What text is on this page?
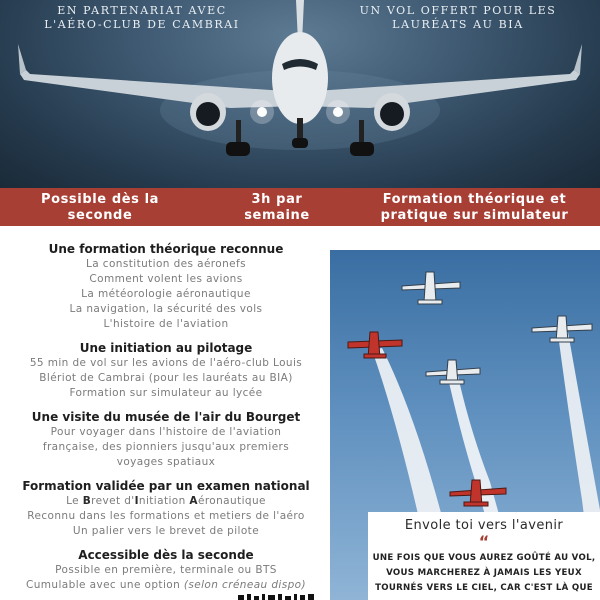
EN PARTENARIAT AVEC
L'AÉRO-CLUB DE CAMBRAI
UN VOL OFFERT POUR LES
LAURÉATS AU BIA
Possible dès la
seconde
3h par
semaine
Formation théorique et
pratique sur simulateur
Une formation théorique reconnue
La constitution des aéronefs
Comment volent les avions
La météorologie aéronautique
La navigation, la sécurité des vols
L'histoire de l'aviation
Une initiation au pilotage
55 min de vol sur les avions de l'aéro-club Louis
Blériot de Cambrai (pour les lauréats au BIA)
Formation sur simulateur au lycée
Une visite du musée de l'air du Bourget
Pour voyager dans l'histoire de l'aviation
française, des pionniers jusqu'aux premiers
voyages spatiaux
Formation validée par un examen national
Le Brevet d'Initiation Aéronautique
Reconnu dans les formations et metiers de l'aéro
Un palier vers le brevet de pilote
Accessible dès la seconde
Possible en première, terminale ou BTS
Cumulable avec une option (selon créneau dispo)
Envole toi vers l'avenir
“
UNE FOIS QUE VOUS AUREZ GOÛTÉ AU VOL,
VOUS MARCHEREZ À JAMAIS LES YEUX
TOURNÉS VERS LE CIEL, CAR C'EST LÀ QUE
